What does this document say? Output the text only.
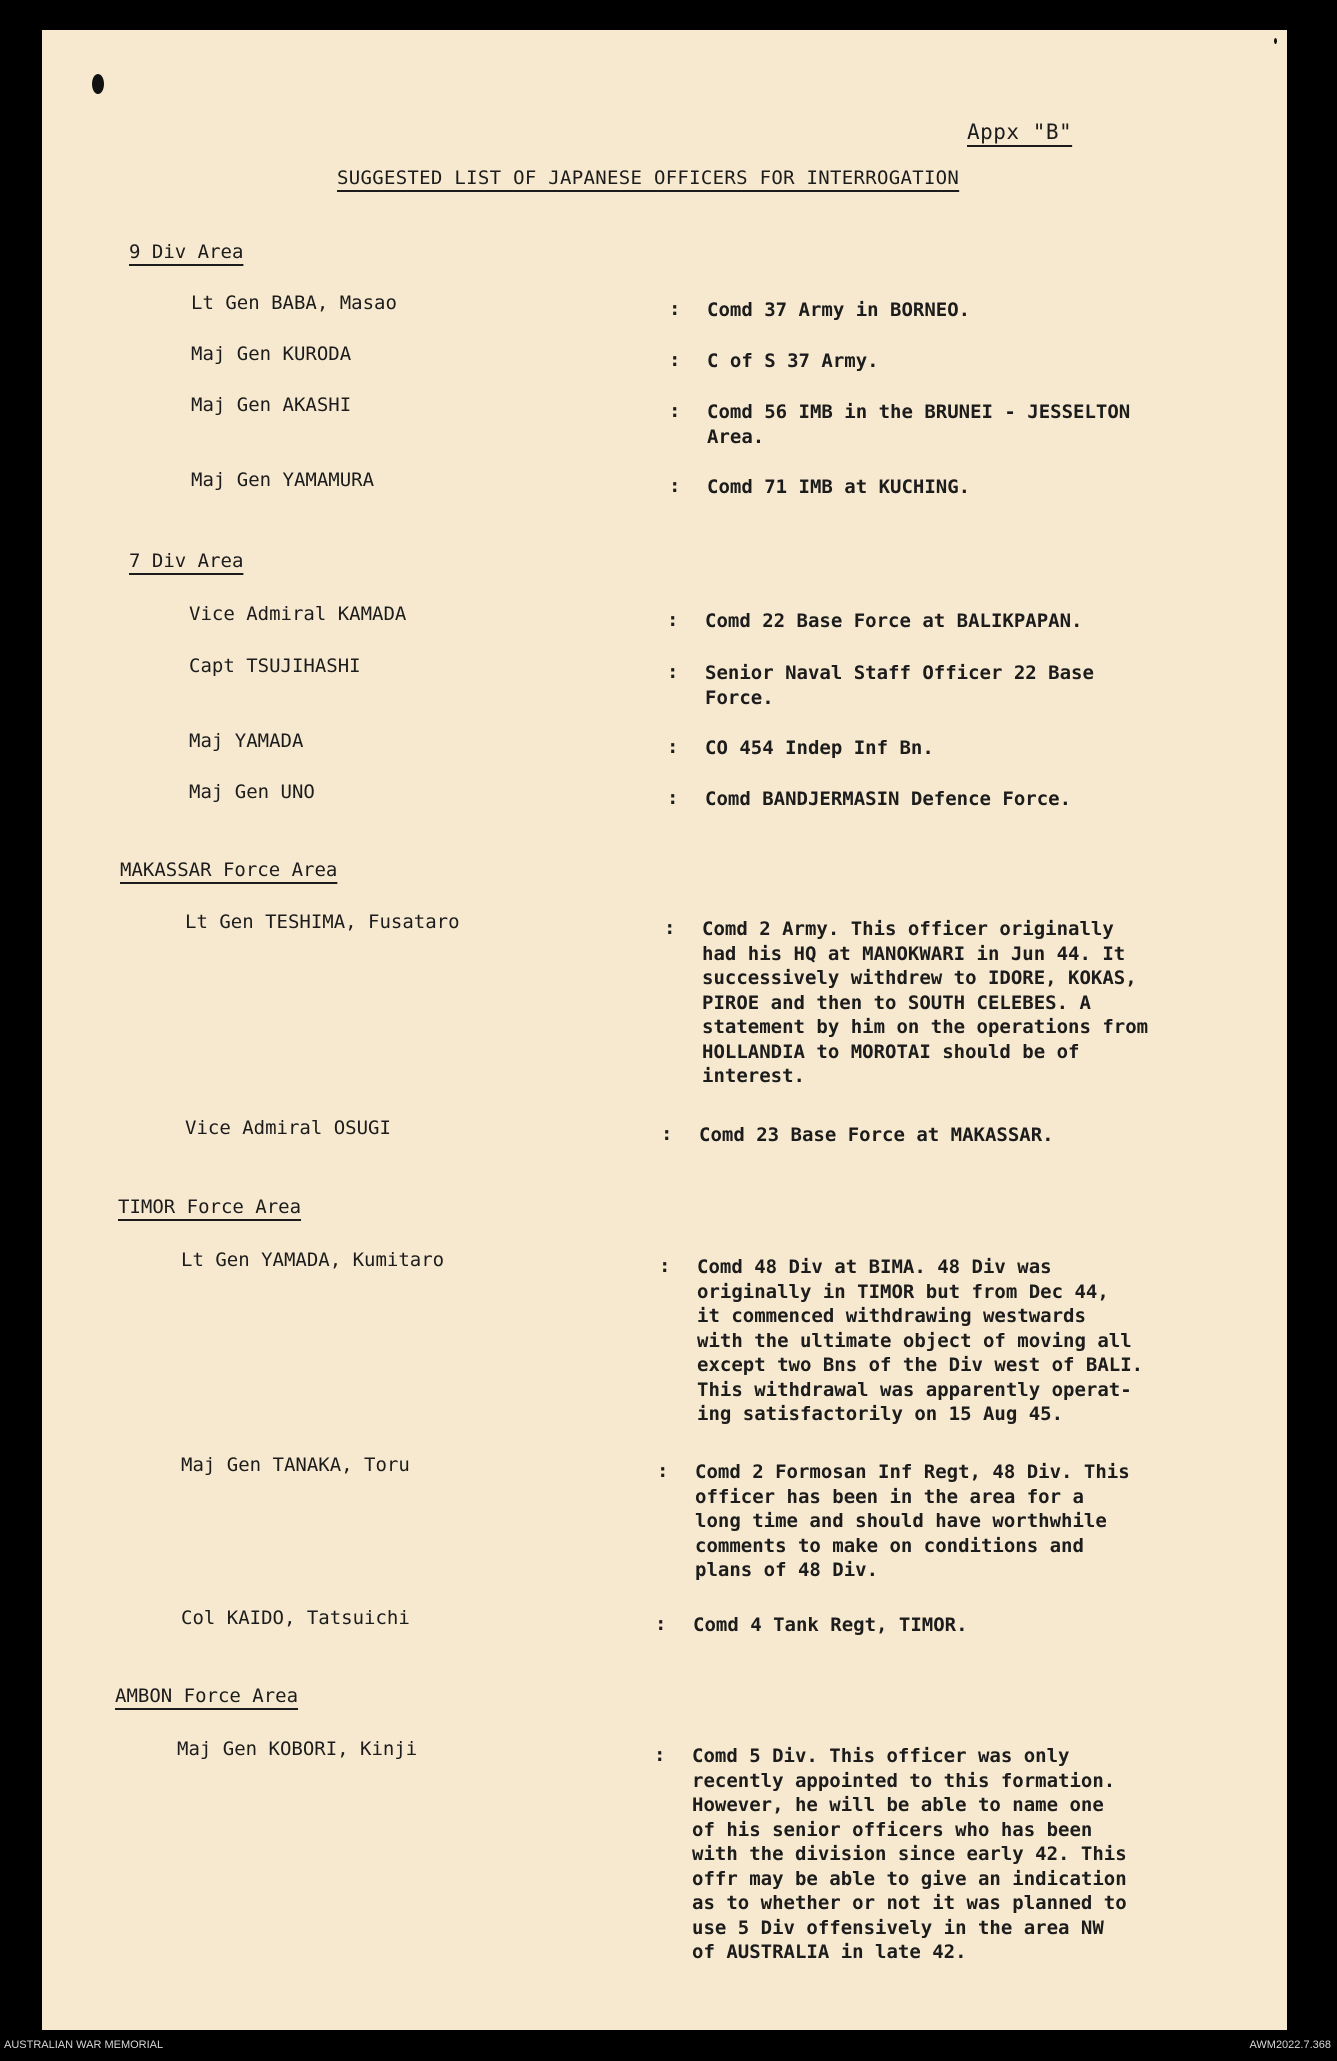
Appx "B"
SUGGESTED LIST OF JAPANESE OFFICERS FOR INTERROGATION
9 Div Area
Lt Gen BABA, Masao	: Comd 37 Army in BORNEO.
Maj Gen KURODA	: C of S 37 Army.
Maj Gen AKASHI	: Comd 56 IMB in the BRUNEI - JESSELTON
Area.
Maj Gen YAMAMURA	: Comd 71 IMB at KUCHING.
7 Div Area
Vice Admiral KAMADA	: Comd 22 Base Force at BALIKPAPAN.
Capt TSUJIHASHI	: Senior Naval Staff Officer 22 Base
Force.
Maj YAMADA	: CO 454 Indep Inf Bn.
Maj Gen UNO	: Comd BANDJERMASIN Defence Force.
MAKASSAR Force Area
Lt Gen TESHIMA, Fusataro	: Comd 2 Army. This officer originally
had his HQ at MANOKWARI in Jun 44. It
successively withdrew to IDORE, KOKAS,
PIROE and then to SOUTH CELEBES. A
statement by him on the operations from
HOLLANDIA to MOROTAI should be of
interest.
Vice Admiral OSUGI	: Comd 23 Base Force at MAKASSAR.
TIMOR Force Area
Lt Gen YAMADA, Kumitaro	: Comd 48 Div at BIMA. 48 Div was
originally in TIMOR but from Dec 44,
it commenced withdrawing westwards
with the ultimate object of moving all
except two Bns of the Div west of BALI.
This withdrawal was apparently operat-
ing satisfactorily on 15 Aug 45.
Maj Gen TANAKA, Toru	: Comd 2 Formosan Inf Regt, 48 Div. This
officer has been in the area for a
long time and should have worthwhile
comments to make on conditions and
plans of 48 Div.
Col KAIDO, Tatsuichi	: Comd 4 Tank Regt, TIMOR.
AMBON Force Area
Maj Gen KOBORI, Kinji	: Comd 5 Div. This officer was only
recently appointed to this formation.
However, he will be able to name one
of his senior officers who has been
with the division since early 42. This
offr may be able to give an indication
as to whether or not it was planned to
use 5 Div offensively in the area NW
of AUSTRALIA in late 42.
AUSTRALIAN WAR MEMORIAL	AWM2022.7.368
